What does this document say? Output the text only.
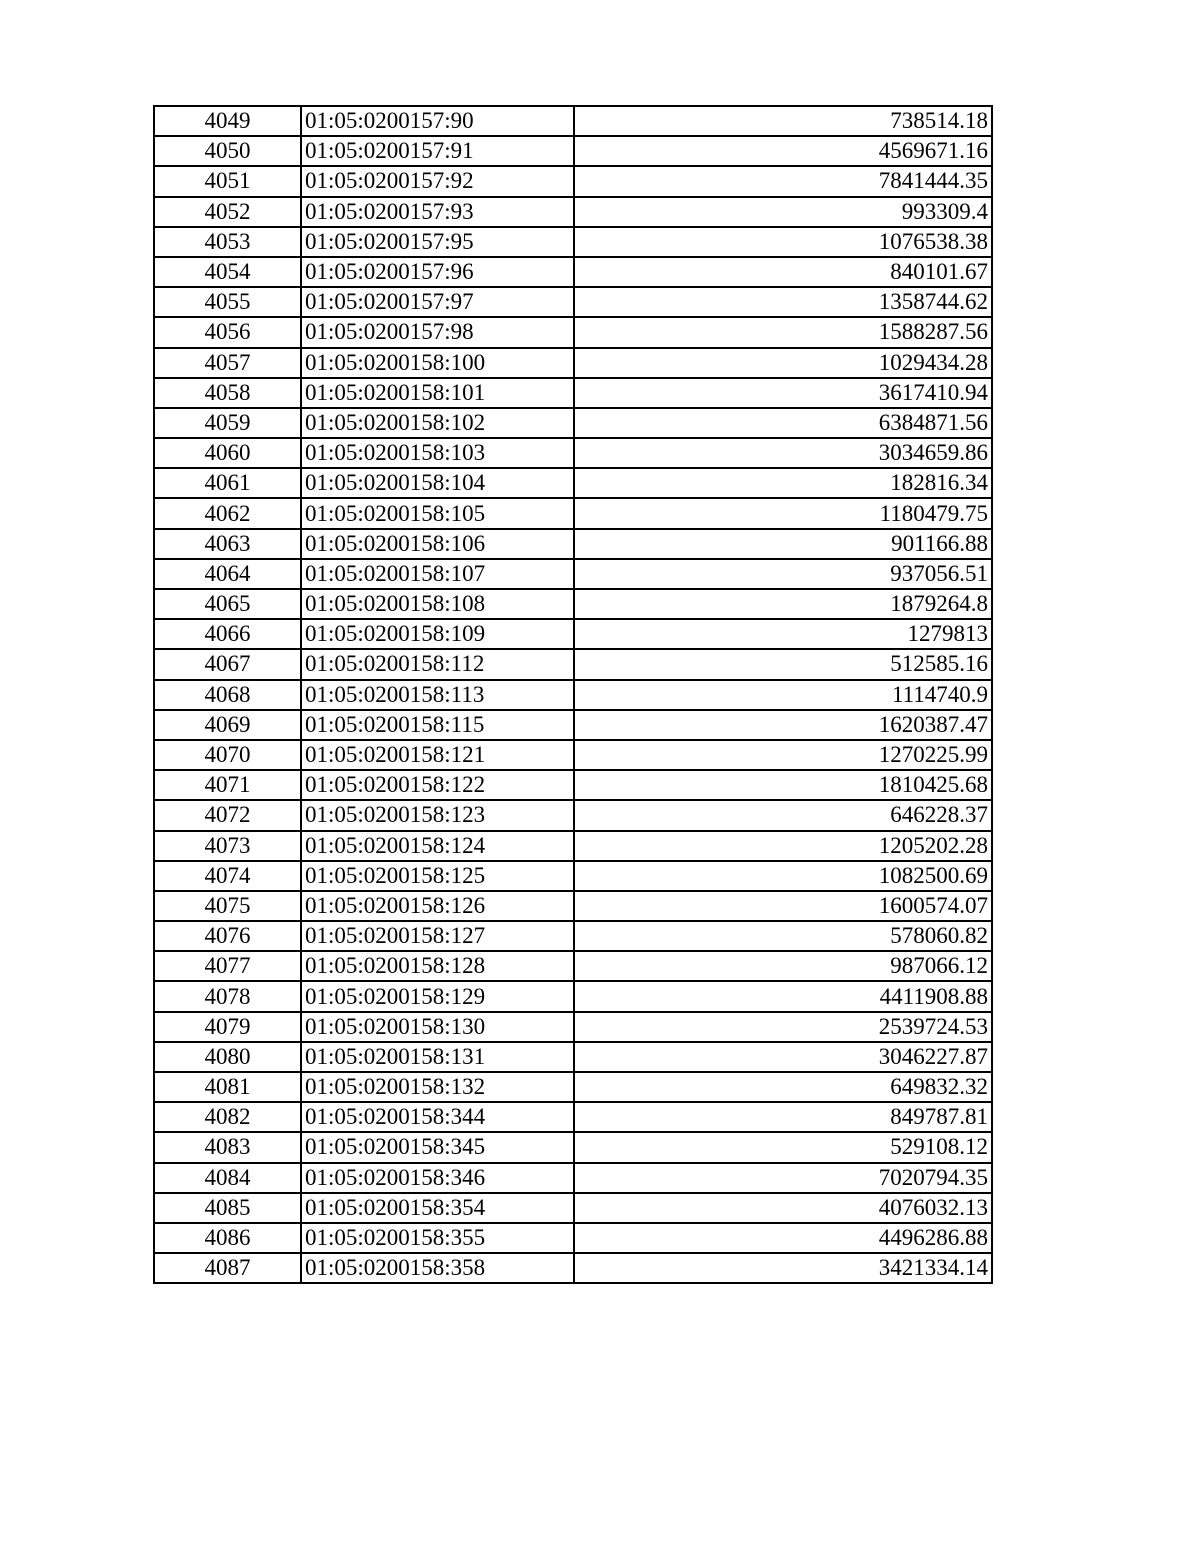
4049	01:05:0200157:90	738514.18
4050	01:05:0200157:91	4569671.16
4051	01:05:0200157:92	7841444.35
4052	01:05:0200157:93	993309.4
4053	01:05:0200157:95	1076538.38
4054	01:05:0200157:96	840101.67
4055	01:05:0200157:97	1358744.62
4056	01:05:0200157:98	1588287.56
4057	01:05:0200158:100	1029434.28
4058	01:05:0200158:101	3617410.94
4059	01:05:0200158:102	6384871.56
4060	01:05:0200158:103	3034659.86
4061	01:05:0200158:104	182816.34
4062	01:05:0200158:105	1180479.75
4063	01:05:0200158:106	901166.88
4064	01:05:0200158:107	937056.51
4065	01:05:0200158:108	1879264.8
4066	01:05:0200158:109	1279813
4067	01:05:0200158:112	512585.16
4068	01:05:0200158:113	1114740.9
4069	01:05:0200158:115	1620387.47
4070	01:05:0200158:121	1270225.99
4071	01:05:0200158:122	1810425.68
4072	01:05:0200158:123	646228.37
4073	01:05:0200158:124	1205202.28
4074	01:05:0200158:125	1082500.69
4075	01:05:0200158:126	1600574.07
4076	01:05:0200158:127	578060.82
4077	01:05:0200158:128	987066.12
4078	01:05:0200158:129	4411908.88
4079	01:05:0200158:130	2539724.53
4080	01:05:0200158:131	3046227.87
4081	01:05:0200158:132	649832.32
4082	01:05:0200158:344	849787.81
4083	01:05:0200158:345	529108.12
4084	01:05:0200158:346	7020794.35
4085	01:05:0200158:354	4076032.13
4086	01:05:0200158:355	4496286.88
4087	01:05:0200158:358	3421334.14
